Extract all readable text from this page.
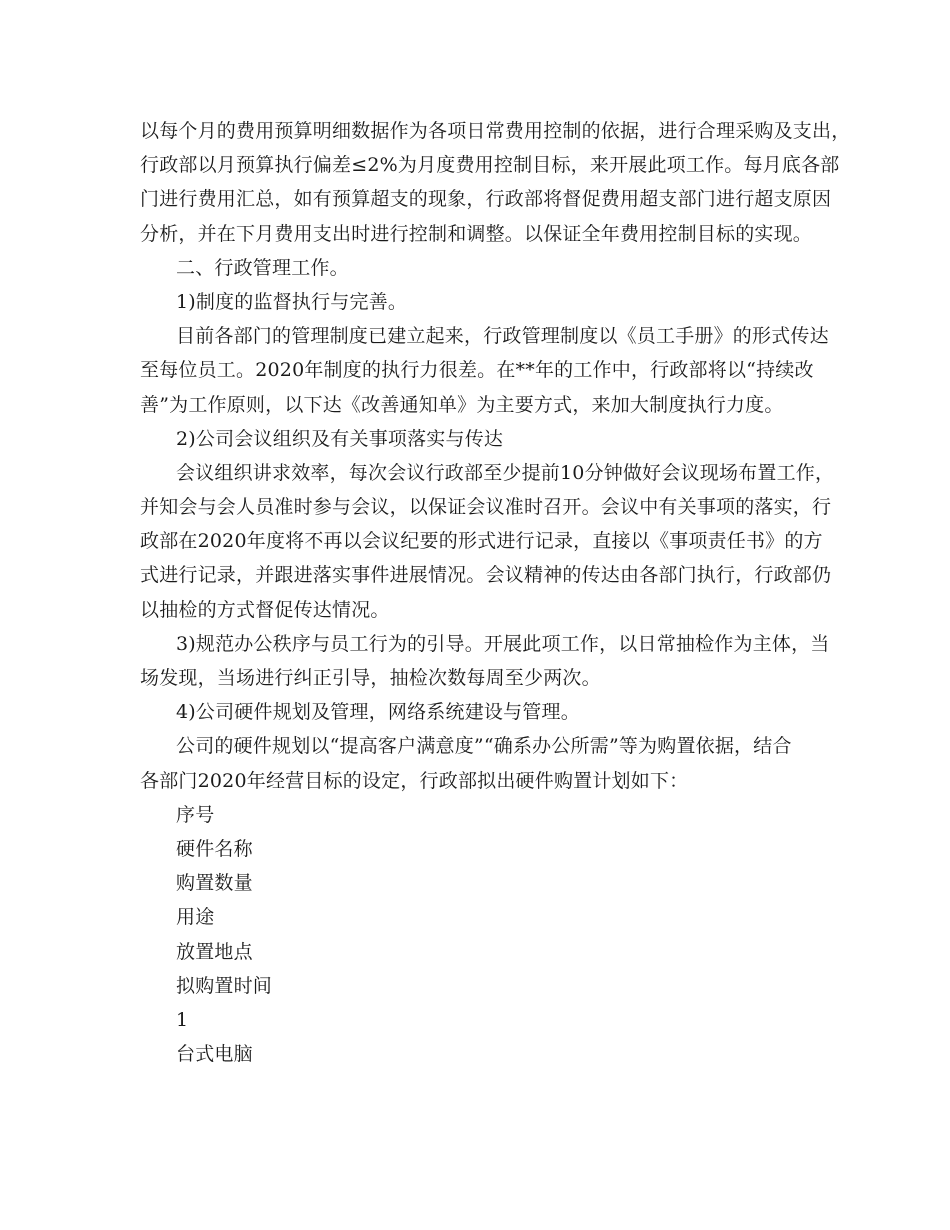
以每个月的费用预算明细数据作为各项日常费用控制的依据，进行合理采购及支出，
行政部以月预算执行偏差≤2%为月度费用控制目标，来开展此项工作。每月底各部
门进行费用汇总，如有预算超支的现象，行政部将督促费用超支部门进行超支原因
分析，并在下月费用支出时进行控制和调整。以保证全年费用控制目标的实现。
二、行政管理工作。
1)制度的监督执行与完善。
目前各部门的管理制度已建立起来，行政管理制度以《员工手册》的形式传达
至每位员工。2020年制度的执行力很差。在**年的工作中，行政部将以“持续改
善”为工作原则，以下达《改善通知单》为主要方式，来加大制度执行力度。
2)公司会议组织及有关事项落实与传达
会议组织讲求效率，每次会议行政部至少提前10分钟做好会议现场布置工作，
并知会与会人员准时参与会议，以保证会议准时召开。会议中有关事项的落实，行
政部在2020年度将不再以会议纪要的形式进行记录，直接以《事项责任书》的方
式进行记录，并跟进落实事件进展情况。会议精神的传达由各部门执行，行政部仍
以抽检的方式督促传达情况。
3)规范办公秩序与员工行为的引导。开展此项工作，以日常抽检作为主体，当
场发现，当场进行纠正引导，抽检次数每周至少两次。
4)公司硬件规划及管理，网络系统建设与管理。
公司的硬件规划以“提高客户满意度”“确系办公所需”等为购置依据，结合
各部门2020年经营目标的设定，行政部拟出硬件购置计划如下：
序号
硬件名称
购置数量
用途
放置地点
拟购置时间
1
台式电脑
